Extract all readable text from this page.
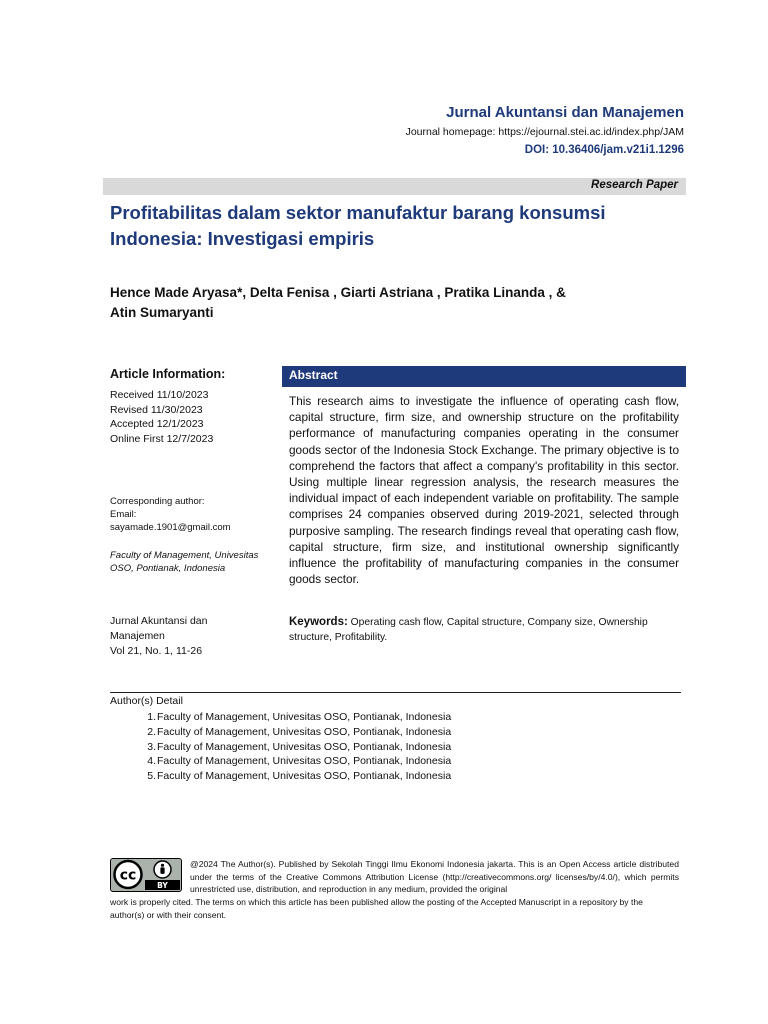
Jurnal Akuntansi dan Manajemen
Journal homepage: https://ejournal.stei.ac.id/index.php/JAM
DOI: 10.36406/jam.v21i1.1296
Research Paper
Profitabilitas dalam sektor manufaktur barang konsumsi
Indonesia: Investigasi empiris
Hence Made Aryasa*, Delta Fenisa , Giarti Astriana , Pratika Linanda , &
Atin Sumaryanti
Article Information:
Received 11/10/2023
Revised 11/30/2023
Accepted 12/1/2023
Online First 12/7/2023
Corresponding author:
Email:
sayamade.1901@gmail.com
Faculty of Management, Univesitas OSO, Pontianak, Indonesia
Jurnal Akuntansi dan Manajemen
Vol 21, No. 1, 11-26
Abstract
This research aims to investigate the influence of operating cash flow, capital structure, firm size, and ownership structure on the profitability performance of manufacturing companies operating in the consumer goods sector of the Indonesia Stock Exchange. The primary objective is to comprehend the factors that affect a company's profitability in this sector. Using multiple linear regression analysis, the research measures the individual impact of each independent variable on profitability. The sample comprises 24 companies observed during 2019-2021, selected through purposive sampling. The research findings reveal that operating cash flow, capital structure, firm size, and institutional ownership significantly influence the profitability of manufacturing companies in the consumer goods sector.
Keywords: Operating cash flow, Capital structure, Company size, Ownership structure, Profitability.
Author(s) Detail
1. Faculty of Management, Univesitas OSO, Pontianak, Indonesia
2. Faculty of Management, Univesitas OSO, Pontianak, Indonesia
3. Faculty of Management, Univesitas OSO, Pontianak, Indonesia
4. Faculty of Management, Univesitas OSO, Pontianak, Indonesia
5. Faculty of Management, Univesitas OSO, Pontianak, Indonesia
cc
BY
@2024 The Author(s). Published by Sekolah Tinggi Ilmu Ekonomi Indonesia jakarta. This is an Open Access article distributed under the terms of the Creative Commons Attribution License (http://creativecommons.org/ licenses/by/4.0/), which permits unrestricted use, distribution, and reproduction in any medium, provided the original
work is properly cited. The terms on which this article has been published allow the posting of the Accepted Manuscript in a repository by the author(s) or with their consent.
